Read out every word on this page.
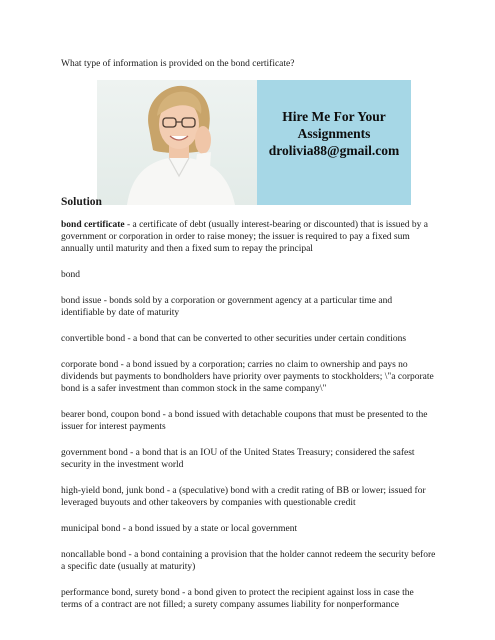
What type of information is provided on the bond certificate?
Hire Me For Your
Assignments
drolivia88@gmail.com
Solution

bond certificate - a certificate of debt (usually interest-bearing or discounted) that is issued by a government or corporation in order to raise money; the issuer is required to pay a fixed sum annually until maturity and then a fixed sum to repay the principal

bond

bond issue - bonds sold by a corporation or government agency at a particular time and identifiable by date of maturity

convertible bond - a bond that can be converted to other securities under certain conditions

corporate bond - a bond issued by a corporation; carries no claim to ownership and pays no dividends but payments to bondholders have priority over payments to stockholders; \"a corporate bond is a safer investment than common stock in the same company\"

bearer bond, coupon bond - a bond issued with detachable coupons that must be presented to the issuer for interest payments

government bond - a bond that is an IOU of the United States Treasury; considered the safest security in the investment world

high-yield bond, junk bond - a (speculative) bond with a credit rating of BB or lower; issued for leveraged buyouts and other takeovers by companies with questionable credit

municipal bond - a bond issued by a state or local government

noncallable bond - a bond containing a provision that the holder cannot redeem the security before a specific date (usually at maturity)

performance bond, surety bond - a bond given to protect the recipient against loss in case the terms of a contract are not filled; a surety company assumes liability for nonperformance
